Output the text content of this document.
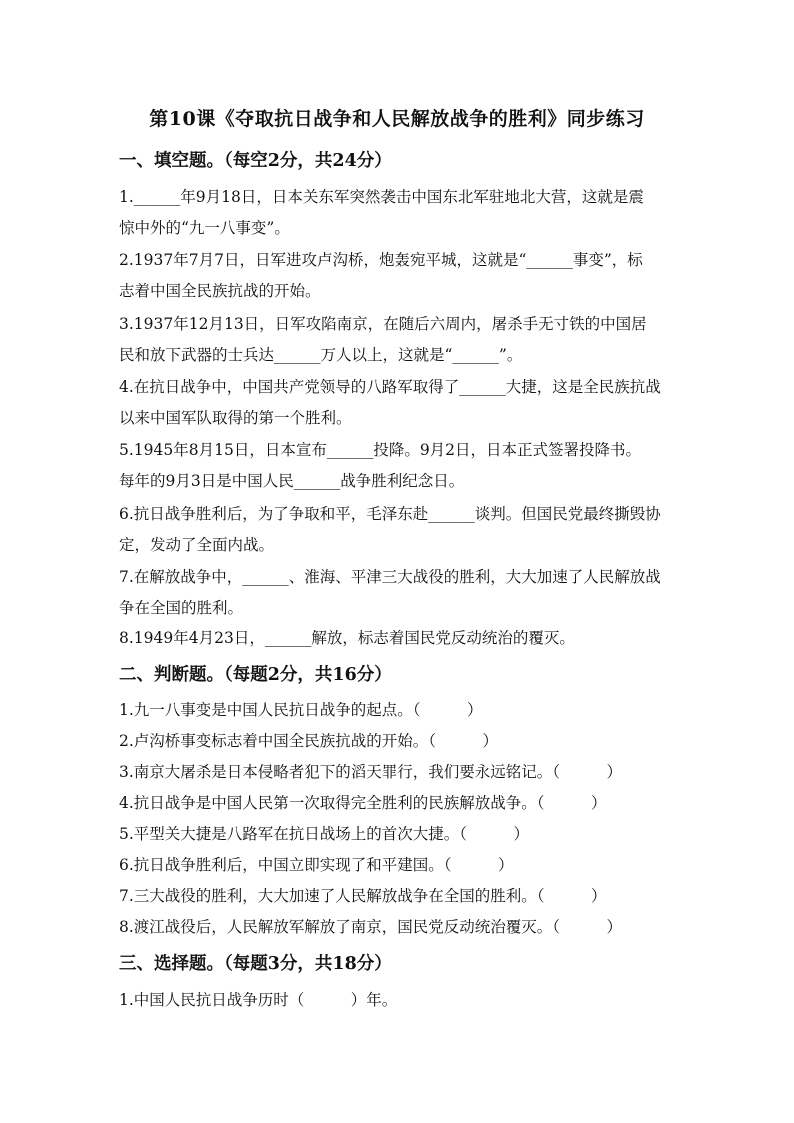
第10课《夺取抗日战争和人民解放战争的胜利》同步练习
一、填空题。（每空2分，共24分）
1.______年9月18日，日本关东军突然袭击中国东北军驻地北大营，这就是震
惊中外的“九一八事变”。
2.1937年7月7日，日军进攻卢沟桥，炮轰宛平城，这就是“______事变”，标
志着中国全民族抗战的开始。
3.1937年12月13日，日军攻陷南京，在随后六周内，屠杀手无寸铁的中国居
民和放下武器的士兵达______万人以上，这就是“______”。
4.在抗日战争中，中国共产党领导的八路军取得了______大捷，这是全民族抗战
以来中国军队取得的第一个胜利。
5.1945年8月15日，日本宣布______投降。9月2日，日本正式签署投降书。
每年的9月3日是中国人民______战争胜利纪念日。
6.抗日战争胜利后，为了争取和平，毛泽东赴______谈判。但国民党最终撕毁协
定，发动了全面内战。
7.在解放战争中，______、淮海、平津三大战役的胜利，大大加速了人民解放战
争在全国的胜利。
8.1949年4月23日，______解放，标志着国民党反动统治的覆灭。
二、判断题。（每题2分，共16分）
1.九一八事变是中国人民抗日战争的起点。（　　　）
2.卢沟桥事变标志着中国全民族抗战的开始。（　　　）
3.南京大屠杀是日本侵略者犯下的滔天罪行，我们要永远铭记。（　　　）
4.抗日战争是中国人民第一次取得完全胜利的民族解放战争。（　　　）
5.平型关大捷是八路军在抗日战场上的首次大捷。（　　　）
6.抗日战争胜利后，中国立即实现了和平建国。（　　　）
7.三大战役的胜利，大大加速了人民解放战争在全国的胜利。（　　　）
8.渡江战役后，人民解放军解放了南京，国民党反动统治覆灭。（　　　）
三、选择题。（每题3分，共18分）
1.中国人民抗日战争历时（　　　）年。
